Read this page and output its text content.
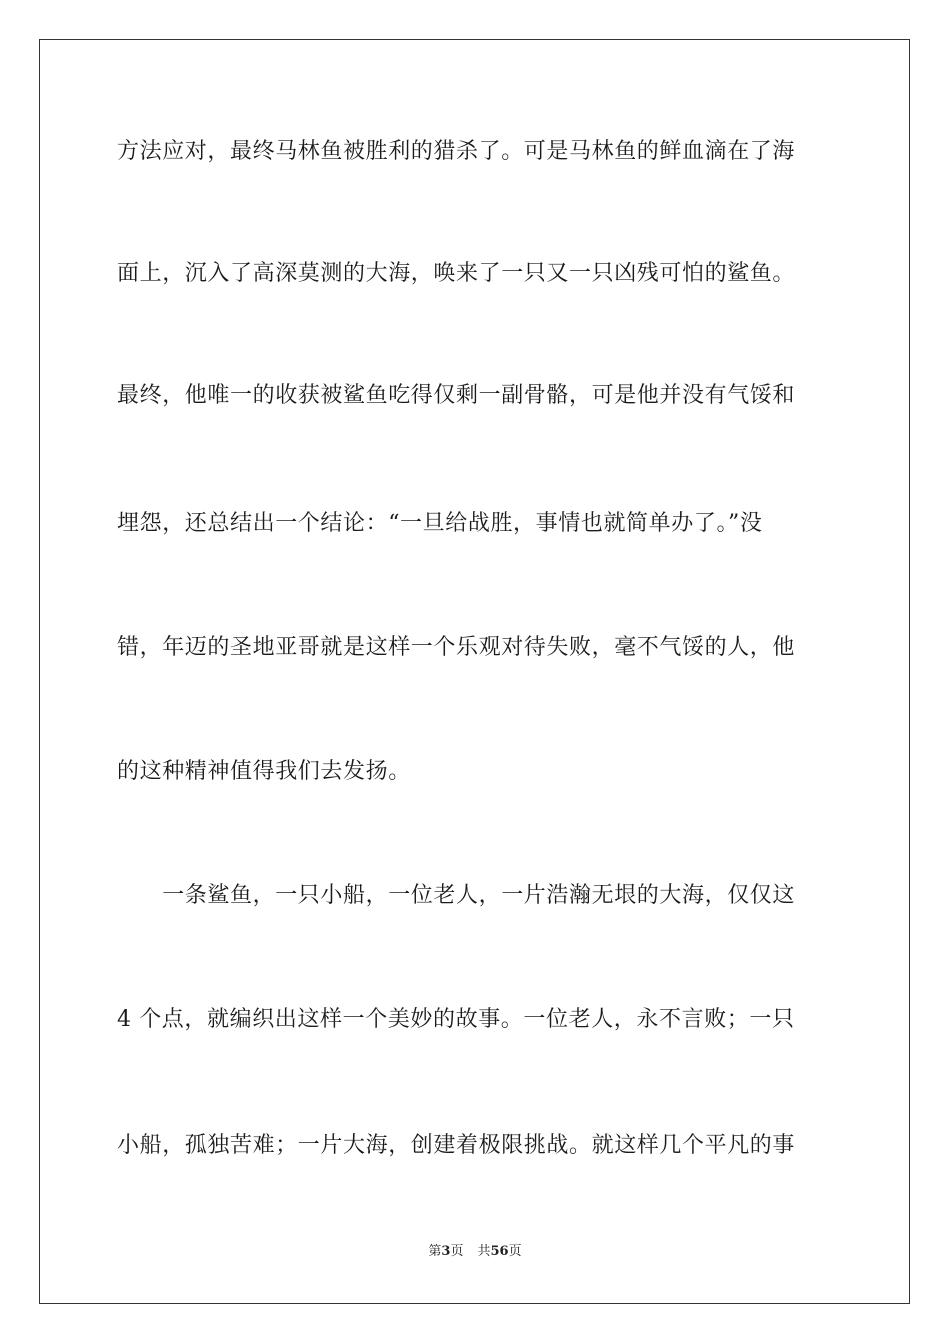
方法应对，最终马林鱼被胜利的猎杀了。可是马林鱼的鲜血滴在了海
面上，沉入了高深莫测的大海，唤来了一只又一只凶残可怕的鲨鱼。
最终，他唯一的收获被鲨鱼吃得仅剩一副骨骼，可是他并没有气馁和
埋怨，还总结出一个结论：“一旦给战胜，事情也就简单办了。”没
错，年迈的圣地亚哥就是这样一个乐观对待失败，毫不气馁的人，他
的这种精神值得我们去发扬。
　　一条鲨鱼，一只小船，一位老人，一片浩瀚无垠的大海，仅仅这
4 个点，就编织出这样一个美妙的故事。一位老人，永不言败；一只
小船，孤独苦难；一片大海，创建着极限挑战。就这样几个平凡的事
第3页 共56页
